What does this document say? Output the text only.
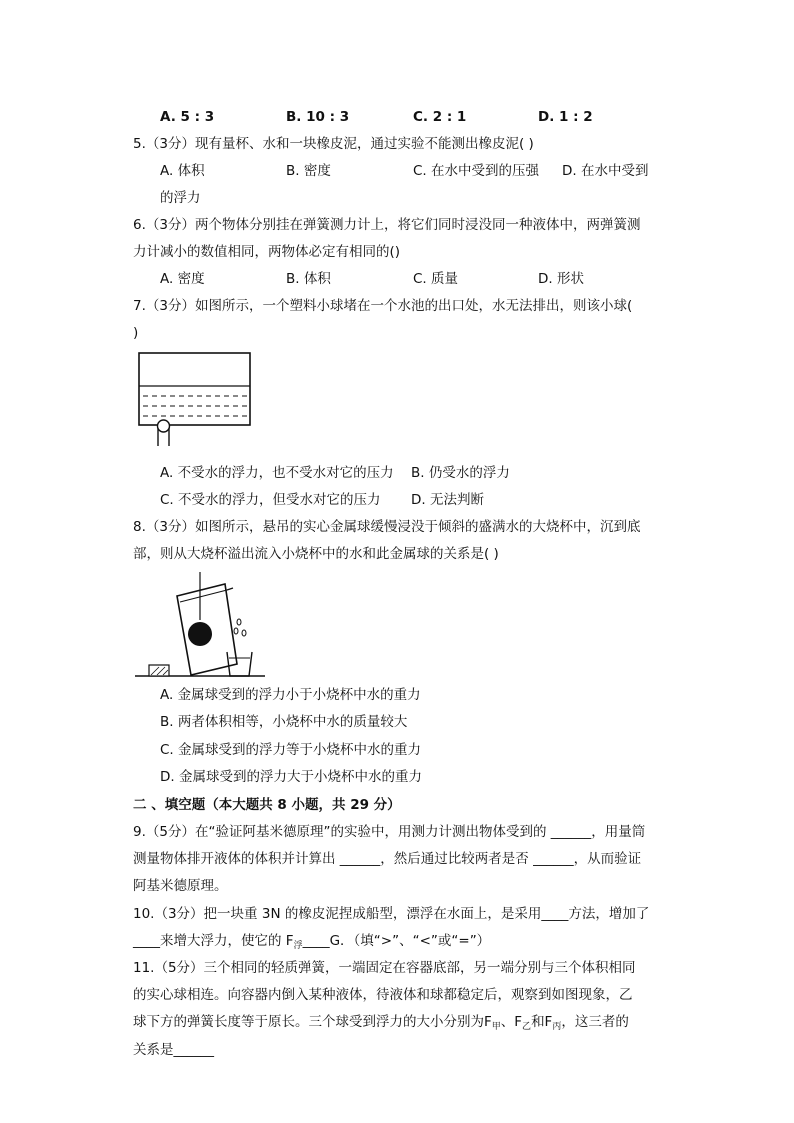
A. 5 : 3	B. 10 : 3	C. 2 : 1	D. 1 : 2
5.（3分）现有量杯、水和一块橡皮泥，通过实验不能测出橡皮泥( )
A. 体积	B. 密度	C. 在水中受到的压强 D. 在水中受到
的浮力
6.（3分）两个物体分别挂在弹簧测力计上，将它们同时浸没同一种液体中，两弹簧测
力计减小的数值相同，两物体必定有相同的()
A. 密度	B. 体积	C. 质量	D. 形状
7.（3分）如图所示，一个塑料小球堵在一个水池的出口处，水无法排出，则该小球(
)
A. 不受水的浮力，也不受水对它的压力 B. 仍受水的浮力
C. 不受水的浮力，但受水对它的压力 D. 无法判断
8.（3分）如图所示，悬吊的实心金属球缓慢浸没于倾斜的盛满水的大烧杯中，沉到底
部，则从大烧杯溢出流入小烧杯中的水和此金属球的关系是( )
A. 金属球受到的浮力小于小烧杯中水的重力
B. 两者体积相等，小烧杯中水的质量较大
C. 金属球受到的浮力等于小烧杯中水的重力
D. 金属球受到的浮力大于小烧杯中水的重力
二 、填空题（本大题共 8 小题，共 29 分）
9.（5分）在“验证阿基米德原理”的实验中，用测力计测出物体受到的 ______，用量筒
测量物体排开液体的体积并计算出 ______，然后通过比较两者是否 ______，从而验证
阿基米德原理。
10.（3分）把一块重 3N 的橡皮泥捏成船型，漂浮在水面上，是采用____方法，增加了
____来增大浮力，使它的 $F_浮\_\_\_\_G$．（填“>”、“<”或“=”）
11.（5分）三个相同的轻质弹簧，一端固定在容器底部，另一端分别与三个体积相同
的实心球相连。向容器内倒入某种液体，待液体和球都稳定后，观察到如图现象，乙
球下方的弹簧长度等于原长。三个球受到浮力的大小分别为$F_甲$、$F_乙$和$F_丙$，这三者的
关系是______
